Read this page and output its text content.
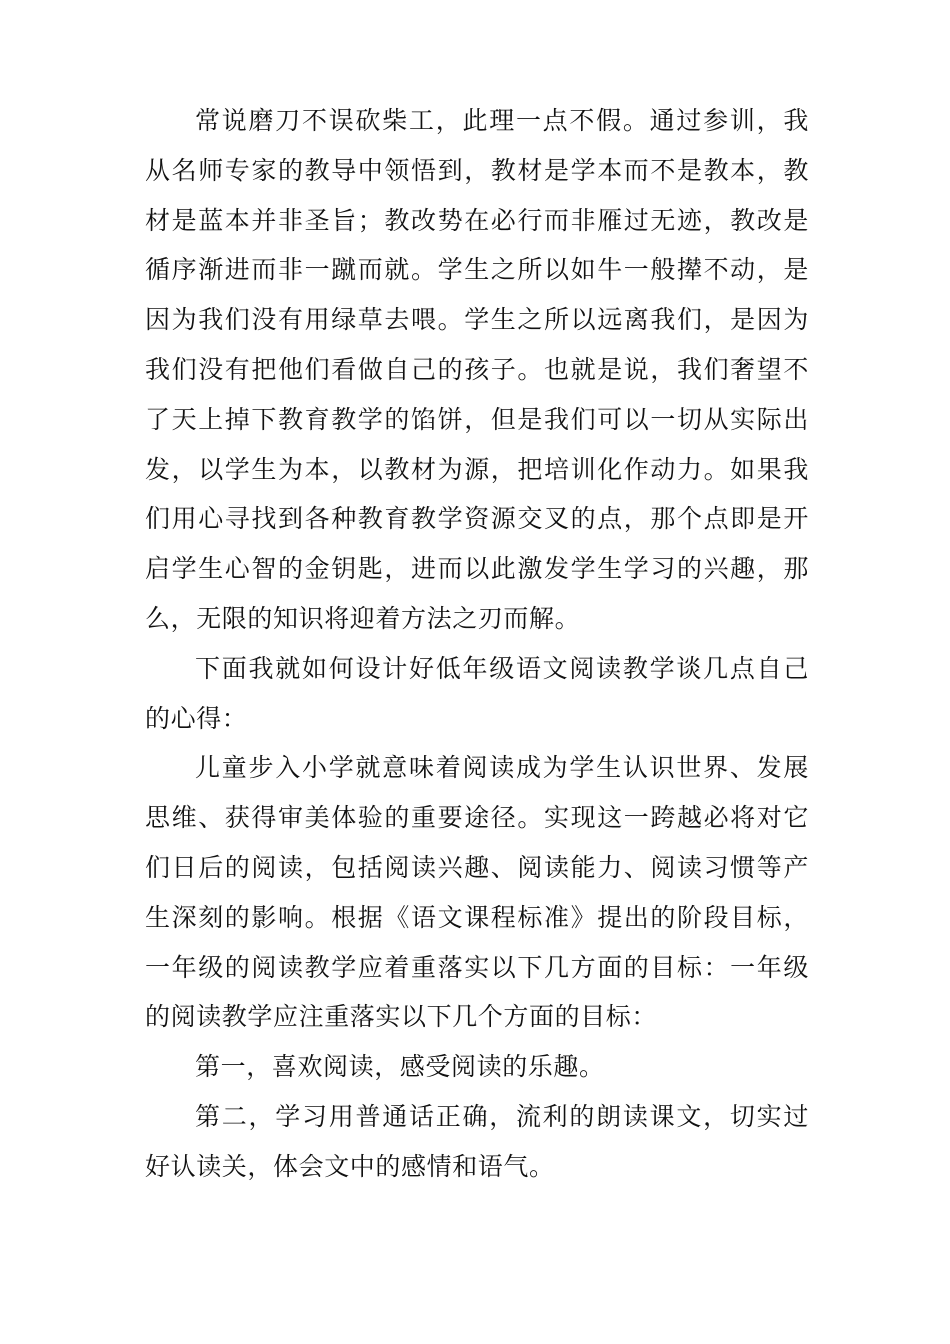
常说磨刀不误砍柴工，此理一点不假。通过参训，我从名师专家的教导中领悟到，教材是学本而不是教本，教材是蓝本并非圣旨；教改势在必行而非雁过无迹，教改是循序渐进而非一蹴而就。学生之所以如牛一般撵不动，是因为我们没有用绿草去喂。学生之所以远离我们，是因为我们没有把他们看做自己的孩子。也就是说，我们奢望不了天上掉下教育教学的馅饼，但是我们可以一切从实际出发，以学生为本，以教材为源，把培训化作动力。如果我们用心寻找到各种教育教学资源交叉的点，那个点即是开启学生心智的金钥匙，进而以此激发学生学习的兴趣，那么，无限的知识将迎着方法之刃而解。

下面我就如何设计好低年级语文阅读教学谈几点自己的心得：

儿童步入小学就意味着阅读成为学生认识世界、发展思维、获得审美体验的重要途径。实现这一跨越必将对它们日后的阅读，包括阅读兴趣、阅读能力、阅读习惯等产生深刻的影响。根据《语文课程标准》提出的阶段目标，一年级的阅读教学应着重落实以下几方面的目标：一年级的阅读教学应注重落实以下几个方面的目标：

第一，喜欢阅读，感受阅读的乐趣。

第二，学习用普通话正确，流利的朗读课文，切实过好认读关，体会文中的感情和语气。
